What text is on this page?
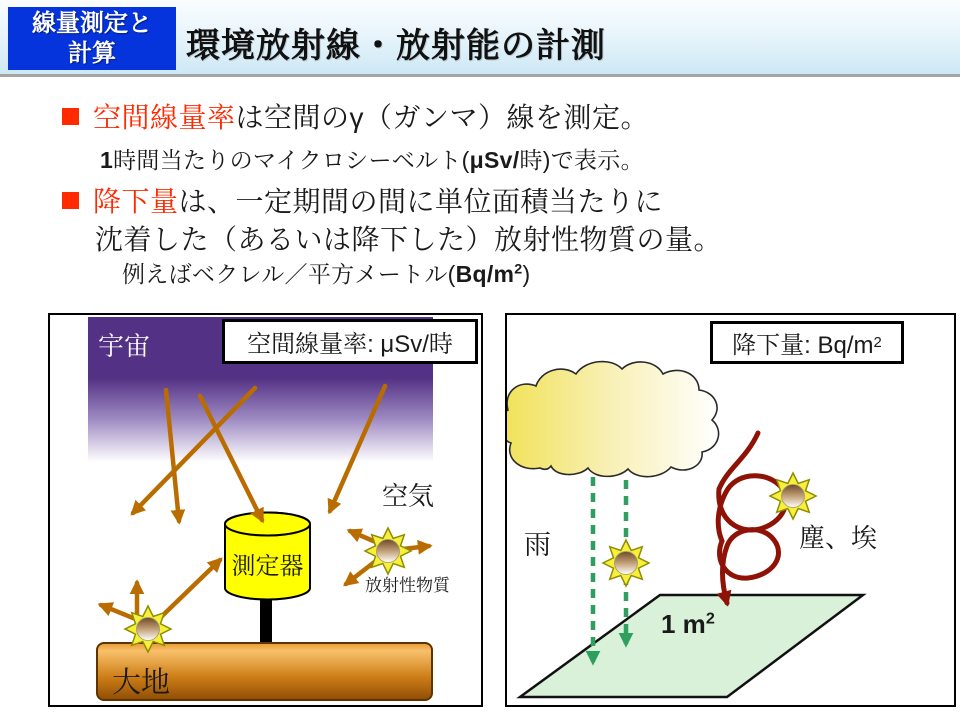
線量測定と
計算 環境放射線・放射能の計測
空間線量率は空間のγ（ガンマ）線を測定。
1時間当たりのマイクロシーベルト(μSv/時)で表示。
降下量は、一定期間の間に単位面積当たりに
沈着した（あるいは降下した）放射性物質の量。
例えばベクレル／平方メートル$(Bq/m^2)$
宇宙	空間線量率: μSv/時
空気
測定器
放射性物質
大地
降下量: Bq/m 2
雨	塵、埃
1 $m^2$
